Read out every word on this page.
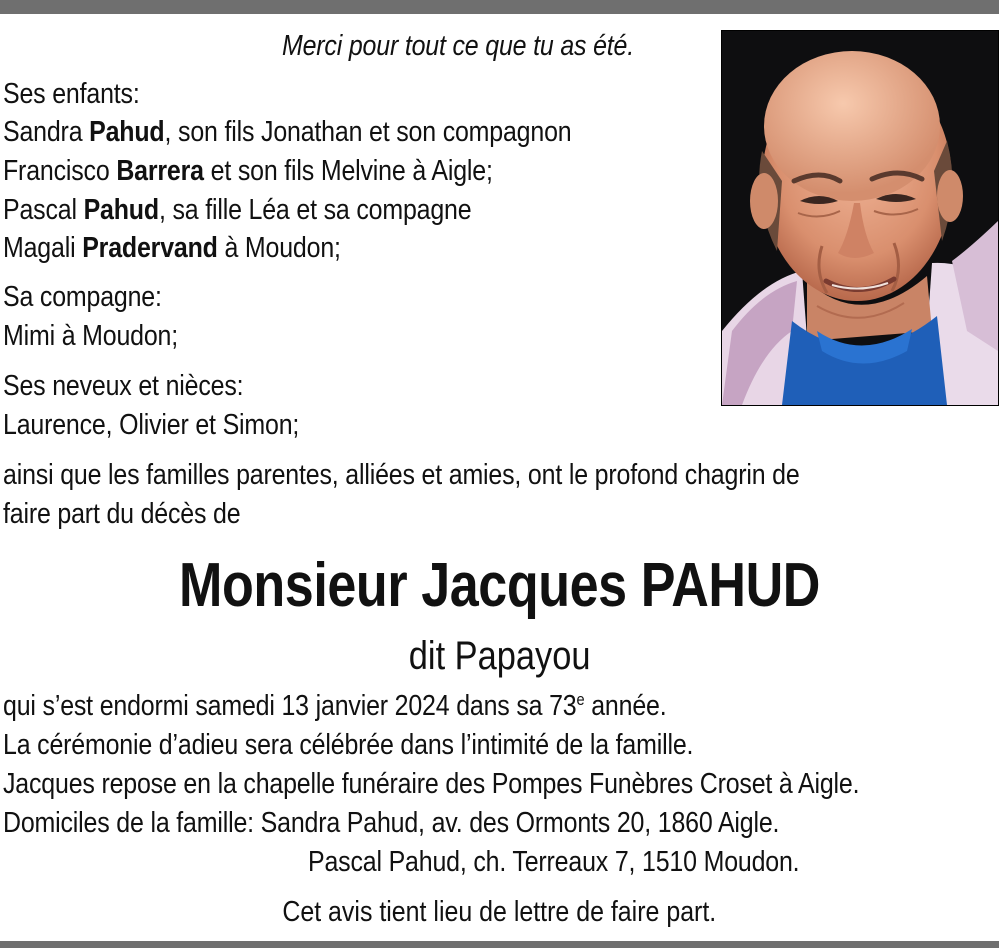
Merci pour tout ce que tu as été.
Ses enfants:
Sandra Pahud, son fils Jonathan et son compagnon
Francisco Barrera et son fils Melvine à Aigle;
Pascal Pahud, sa fille Léa et sa compagne
Magali Pradervand à Moudon;
Sa compagne:
Mimi à Moudon;
Ses neveux et nièces:
Laurence, Olivier et Simon;
ainsi que les familles parentes, alliées et amies, ont le profond chagrin de
faire part du décès de
Monsieur Jacques PAHUD
dit Papayou
qui s’est endormi samedi 13 janvier 2024 dans sa 73e année.
La cérémonie d’adieu sera célébrée dans l’intimité de la famille.
Jacques repose en la chapelle funéraire des Pompes Funèbres Croset à Aigle.
Domiciles de la famille: Sandra Pahud, av. des Ormonts 20, 1860 Aigle.
Pascal Pahud, ch. Terreaux 7, 1510 Moudon.
Cet avis tient lieu de lettre de faire part.
